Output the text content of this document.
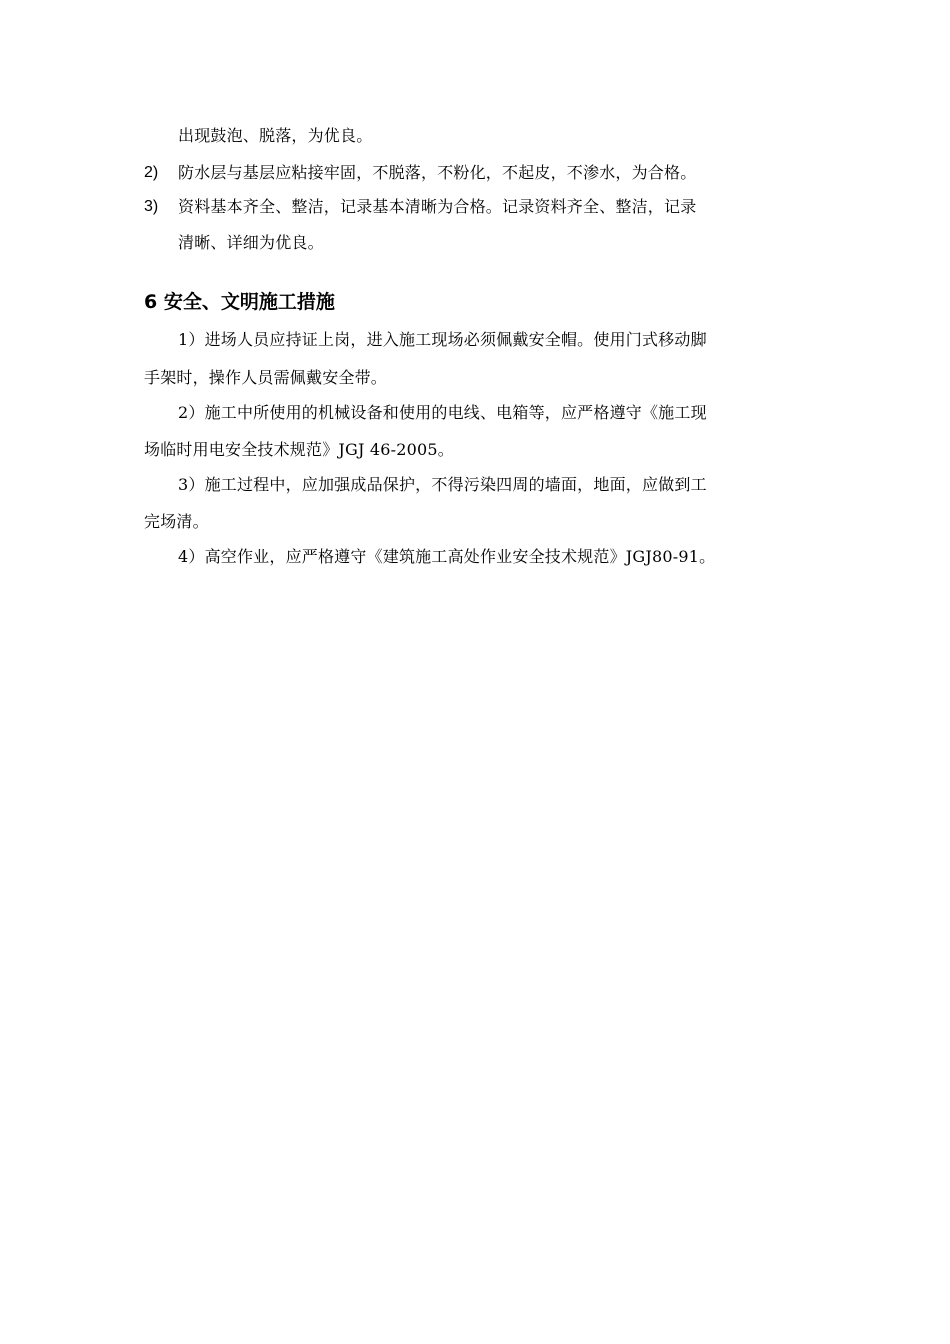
出现鼓泡、脱落，为优良。
2) 防水层与基层应粘接牢固，不脱落，不粉化，不起皮，不渗水，为合格。
3) 资料基本齐全、整洁，记录基本清晰为合格。记录资料齐全、整洁，记录
清晰、详细为优良。
6 安全、文明施工措施
1）进场人员应持证上岗，进入施工现场必须佩戴安全帽。使用门式移动脚
手架时，操作人员需佩戴安全带。
2）施工中所使用的机械设备和使用的电线、电箱等，应严格遵守《施工现
场临时用电安全技术规范》JGJ 46-2005。
3）施工过程中，应加强成品保护，不得污染四周的墙面，地面，应做到工
完场清。
4）高空作业，应严格遵守《建筑施工高处作业安全技术规范》JGJ80-91。
